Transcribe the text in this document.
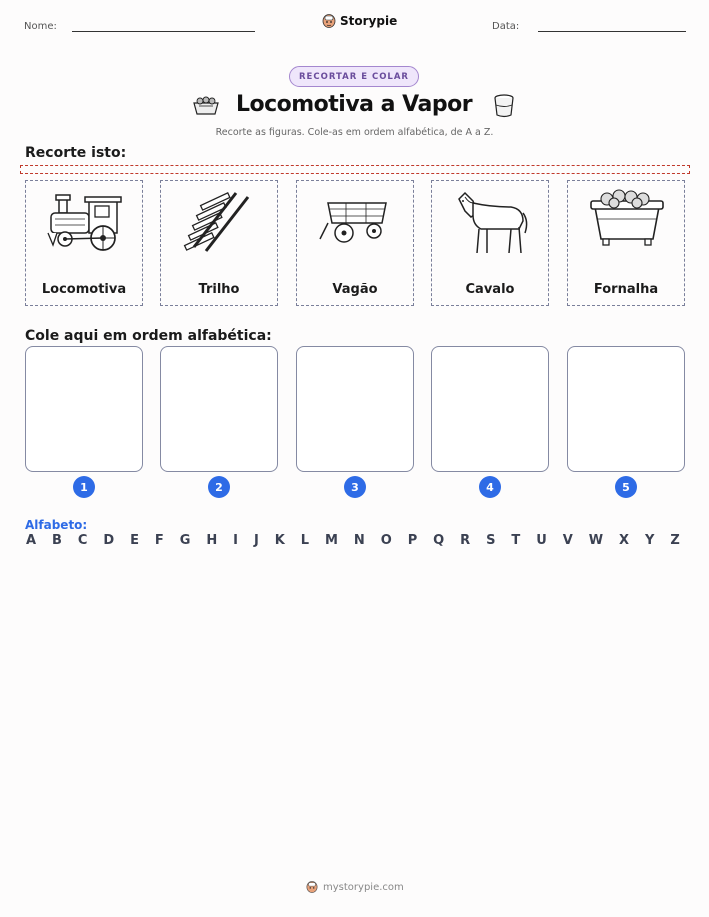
Nome:	Storypie	Data:
RECORTAR E COLAR
Locomotiva a Vapor
Recorte as figuras. Cole-as em ordem alfabética, de A a Z.
Recorte isto:
Locomotiva	Trilho	Vagão	Cavalo	Fornalha
Cole aqui em ordem alfabética:
1	2	3	4	5
Alfabeto:
A B C D E F G H I J K L M N O P Q R S T U V W X Y Z
mystorypie.com
